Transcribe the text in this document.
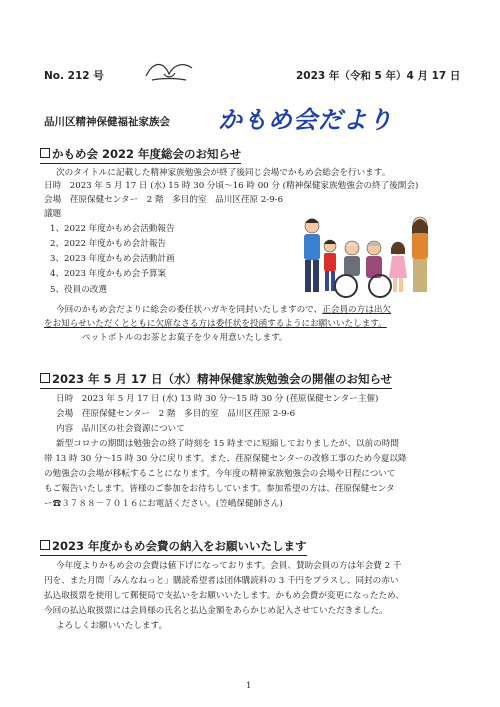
No. 212 号	2023 年（令和 5 年）4 月 17 日
品川区精神保健福祉家族会 かもめ会だより
かもめ会 2022 年度総会のお知らせ
次のタイトルに記載した精神家族勉強会が終了後同じ会場でかもめ会総会を行います。
日時　2023 年 5 月 17 日 (水) 15 時 30 分頃～16 時 00 分 (精神保健家族勉強会の終了後開会)
会場　荏原保健センター　2 階　多目的室　品川区荏原 2-9-6
議題
1、2022 年度かもめ会活動報告
2、2022 年度かもめ会計報告
3、2023 年度かもめ会活動計画
4、2023 年度かもめ会予算案
5、役員の改選
今回のかもめ会だよりに総会の委任状ハガキを同封いたしますので、正会員の方は出欠
をお知らせいただくとともに欠席なさる方は委任状を投函するようにお願いいたします。
ペットボトルのお茶とお菓子を少々用意いたします。
2023 年 5 月 17 日（水）精神保健家族勉強会の開催のお知らせ
日時　2023 年 5 月 17 日 (水) 13 時 30 分～15 時 30 分 (荏原保健センター主催)
会場　荏原保健センター　2 階　多目的室　品川区荏原 2-9-6
内容　品川区の社会資源について
新型コロナの期間は勉強会の終了時刻を 15 時までに短縮しておりましたが、以前の時間
帯 13 時 30 分～15 時 30 分に戻ります。また、荏原保健センターの改修工事のため今夏以降
の勉強会の会場が移転することになります。今年度の精神家族勉強会の会場や日程について
もご報告いたします。皆様のご参加をお待ちしています。参加希望の方は、荏原保健センタ
ー☎３７８８－７０１６にお電話ください。(笠嶋保健師さん)
2023 年度かもめ会費の納入をお願いいたします
今年度よりかもめ会の会費は値下げになっております。会員、賛助会員の方は年会費 2 千
円を、また月間「みんなねっと」購読希望者は団体購読料の 3 千円をプラスし、同封の赤い
払込取扱票を使用して郵便局で支払いをお願いいたします。かもめ会費が変更になったため、
今回の払込取扱票には会員様の氏名と払込金額をあらかじめ記入させていただきました。
よろしくお願いいたします。
1
